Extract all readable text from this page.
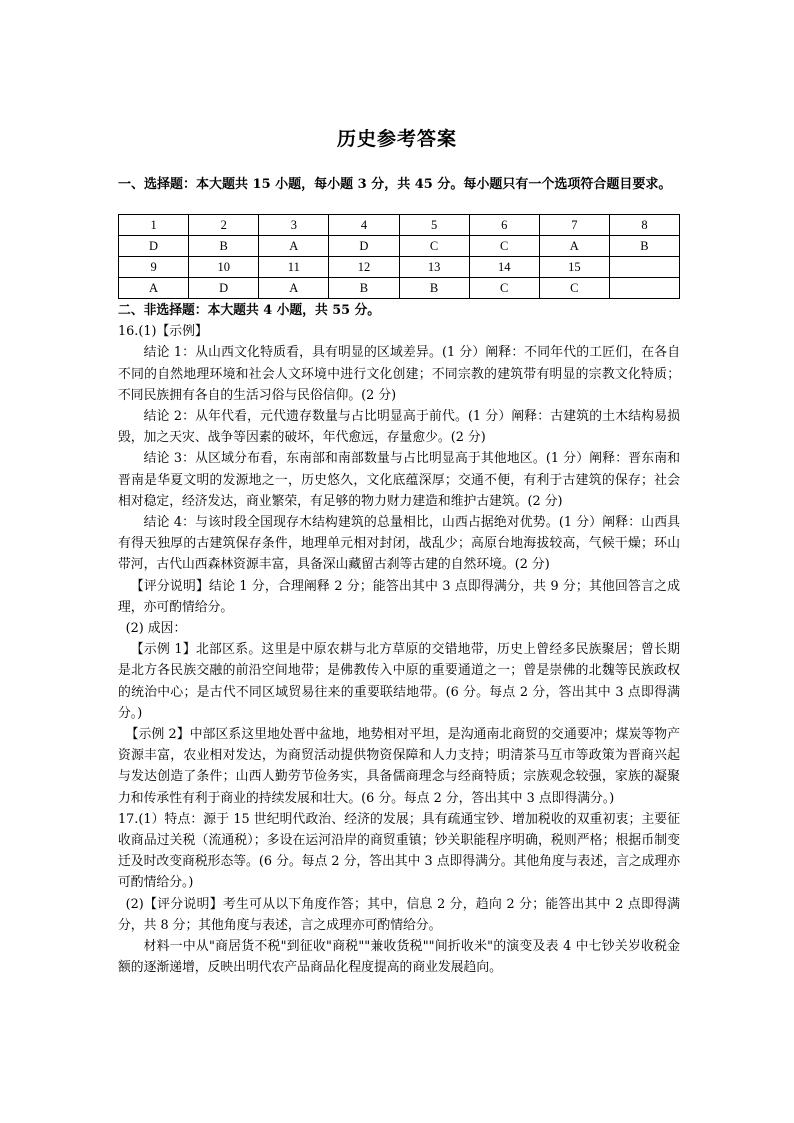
历史参考答案
一、选择题：本大题共 15 小题，每小题 3 分，共 45 分。每小题只有一个选项符合题目要求。
1	2	3	4	5	6	7	8
D	B	A	D	C	C	A	B
9	10	11	12	13	14	15	
A	D	A	B	B	C	C	

二、非选择题：本大题共 4 小题，共 55 分。

16.(1)【示例】

结论 1：从山西文化特质看，具有明显的区域差异。(1 分）阐释：不同年代的工匠们，在各自不同的自然地理环境和社会人文环境中进行文化创建；不同宗教的建筑带有明显的宗教文化特质；不同民族拥有各自的生活习俗与民俗信仰。(2 分)

结论 2：从年代看，元代遗存数量与占比明显高于前代。(1 分）阐释：古建筑的土木结构易损毁，加之天灾、战争等因素的破坏，年代愈远，存量愈少。(2 分)

结论 3：从区域分布看，东南部和南部数量与占比明显高于其他地区。(1 分）阐释：晋东南和晋南是华夏文明的发源地之一，历史悠久，文化底蕴深厚；交通不便，有利于古建筑的保存；社会相对稳定，经济发达，商业繁荣，有足够的物力财力建造和维护古建筑。(2 分)

结论 4：与该时段全国现存木结构建筑的总量相比，山西占据绝对优势。(1 分）阐释：山西具有得天独厚的古建筑保存条件，地理单元相对封闭，战乱少；高原台地海拔较高，气候干燥；环山带河，古代山西森林资源丰富，具备深山藏留古刹等古建的自然环境。(2 分)

【评分说明】结论 1 分，合理阐释 2 分；能答出其中 3 点即得满分，共 9 分；其他回答言之成理，亦可酌情给分。

(2) 成因：

【示例 1】北部区系。这里是中原农耕与北方草原的交错地带，历史上曾经多民族聚居；曾长期是北方各民族交融的前沿空间地带；是佛教传入中原的重要通道之一；曾是崇佛的北魏等民族政权的统治中心；是古代不同区域贸易往来的重要联结地带。(6 分。每点 2 分，答出其中 3 点即得满分。)

【示例 2】中部区系这里地处晋中盆地，地势相对平坦，是沟通南北商贸的交通要冲；煤炭等物产资源丰富，农业相对发达，为商贸活动提供物资保障和人力支持；明清茶马互市等政策为晋商兴起与发达创造了条件；山西人勤劳节俭务实，具备儒商理念与经商特质；宗族观念较强，家族的凝聚力和传承性有利于商业的持续发展和壮大。(6 分。每点 2 分，答出其中 3 点即得满分。)

17.(1）特点：源于 15 世纪明代政治、经济的发展；具有疏通宝钞、增加税收的双重初衷；主要征收商品过关税（流通税）；多设在运河沿岸的商贸重镇；钞关职能程序明确，税则严格；根据币制变迁及时改变商税形态等。(6 分。每点 2 分，答出其中 3 点即得满分。其他角度与表述，言之成理亦可酌情给分。)

(2)【评分说明】考生可从以下角度作答；其中，信息 2 分，趋向 2 分；能答出其中 2 点即得满分，共 8 分；其他角度与表述，言之成理亦可酌情给分。

材料一中从"商居货不税"到征收"商税""兼收货税""间折收米"的演变及表 4 中七钞关岁收税金额的逐渐递增，反映出明代农产品商品化程度提高的商业发展趋向。
